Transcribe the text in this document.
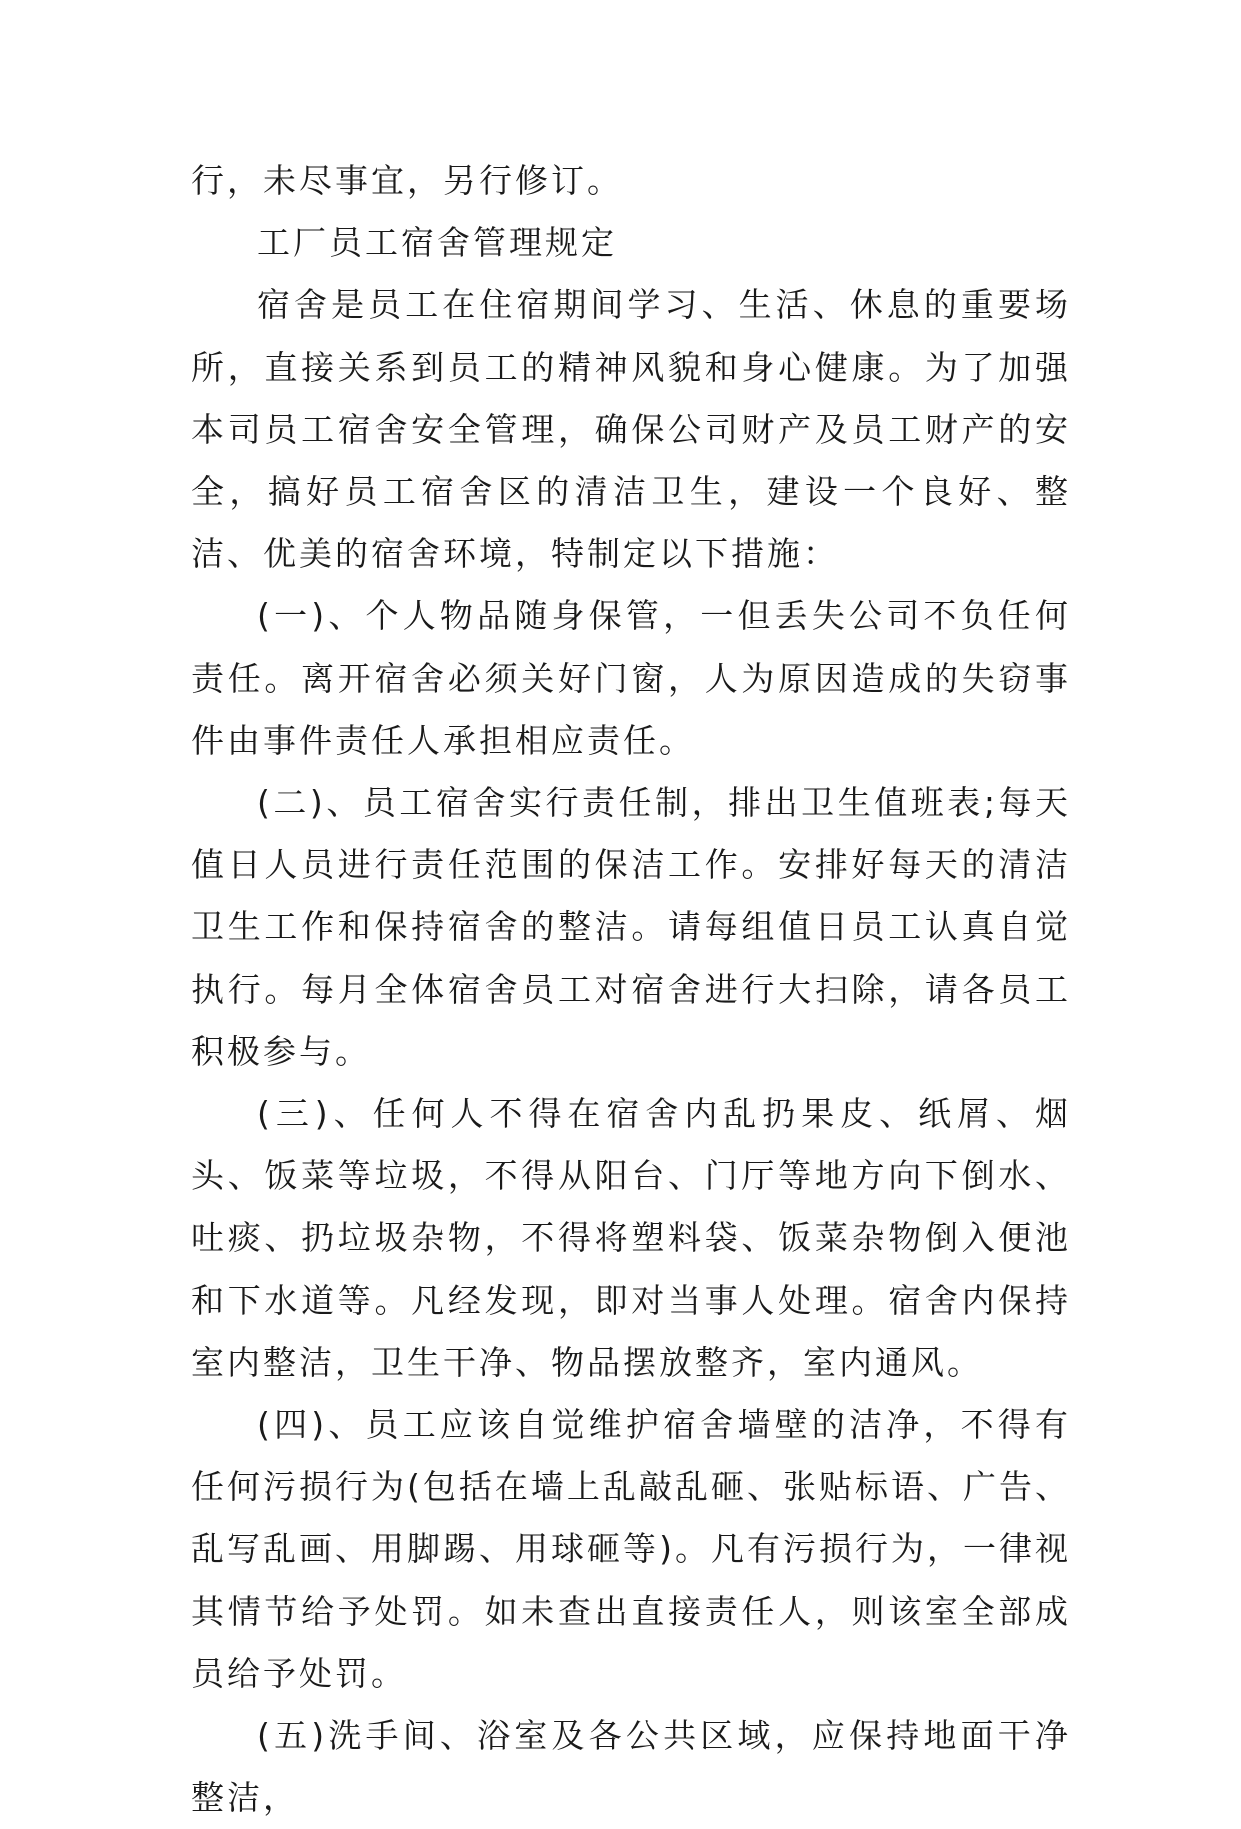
行，未尽事宜，另行修订。

工厂员工宿舍管理规定

宿舍是员工在住宿期间学习、生活、休息的重要场所，直接关系到员工的精神风貌和身心健康。为了加强本司员工宿舍安全管理，确保公司财产及员工财产的安全，搞好员工宿舍区的清洁卫生，建设一个良好、整洁、优美的宿舍环境，特制定以下措施：

(一)、个人物品随身保管，一但丢失公司不负任何责任。离开宿舍必须关好门窗，人为原因造成的失窃事件由事件责任人承担相应责任。

(二)、员工宿舍实行责任制，排出卫生值班表;每天值日人员进行责任范围的保洁工作。安排好每天的清洁卫生工作和保持宿舍的整洁。请每组值日员工认真自觉执行。每月全体宿舍员工对宿舍进行大扫除，请各员工积极参与。

(三)、任何人不得在宿舍内乱扔果皮、纸屑、烟头、饭菜等垃圾，不得从阳台、门厅等地方向下倒水、吐痰、扔垃圾杂物，不得将塑料袋、饭菜杂物倒入便池和下水道等。凡经发现，即对当事人处理。宿舍内保持室内整洁，卫生干净、物品摆放整齐，室内通风。

(四)、员工应该自觉维护宿舍墙壁的洁净，不得有任何污损行为(包括在墙上乱敲乱砸、张贴标语、广告、乱写乱画、用脚踢、用球砸等)。凡有污损行为，一律视其情节给予处罚。如未查出直接责任人，则该室全部成员给予处罚。

(五)洗手间、浴室及各公共区域，应保持地面干净整洁，
